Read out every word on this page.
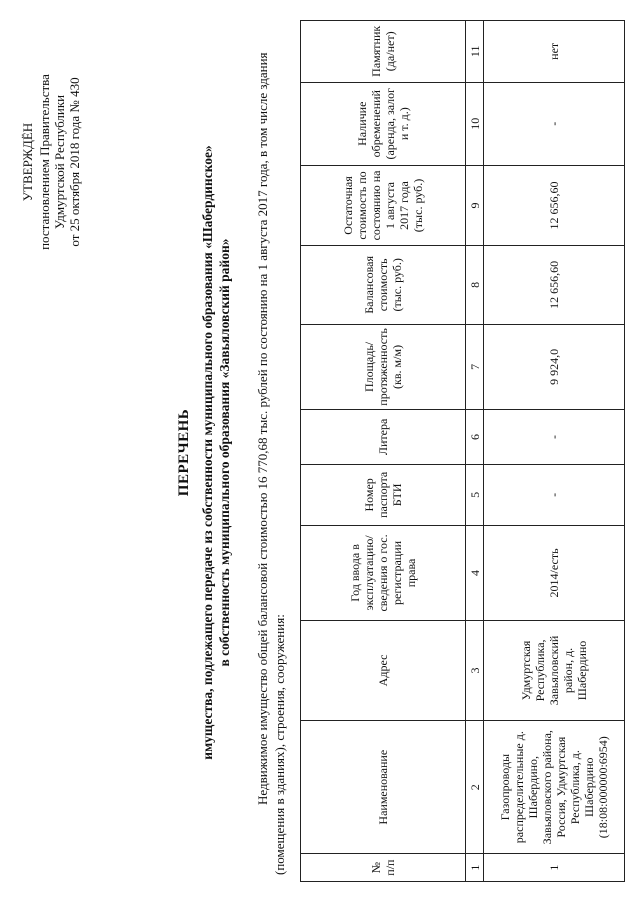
УТВЕРЖДЁН постановлением Правительства Удмуртской Республики от 25 октября 2018 года № 430
ПЕРЕЧЕНЬ имущества, подлежащего передаче из собственности муниципального образования «Шабердинское» в собственность муниципального образования «Завьяловский район» Недвижимое имущество общей балансовой стоимостью 16 770,68 тыс. рублей по состоянию на 1 августа 2017 года, в том числе здания (помещения в зданиях), строения, сооружения:	№ п/п	Наименование	Адрес	Год ввода в эксплуатацию/сведения о гос. регистрации права	Номер паспорта БТИ	Литера	Площадь/протяженность (кв. м/м)	Балансовая стоимость (тыс. руб.)	Остаточная стоимость по состоянию на 1 августа 2017 года (тыс. руб.)	Наличие обременений (аренда, залог и т. д.)	Памятник (да/нет)
1	2	3	4	5	6	7	8	9	10	11
1	Газопроводы распределительные д. Шабердино, Завьяловского района, Россия, Удмуртская Республика, д. Шабердино (18:08:000000:6954)	Удмуртская Республика, Завьяловский район, д. Шабердино	2014/есть	-	-	9 924,0	12 656,60	12 656,60	-	нет
